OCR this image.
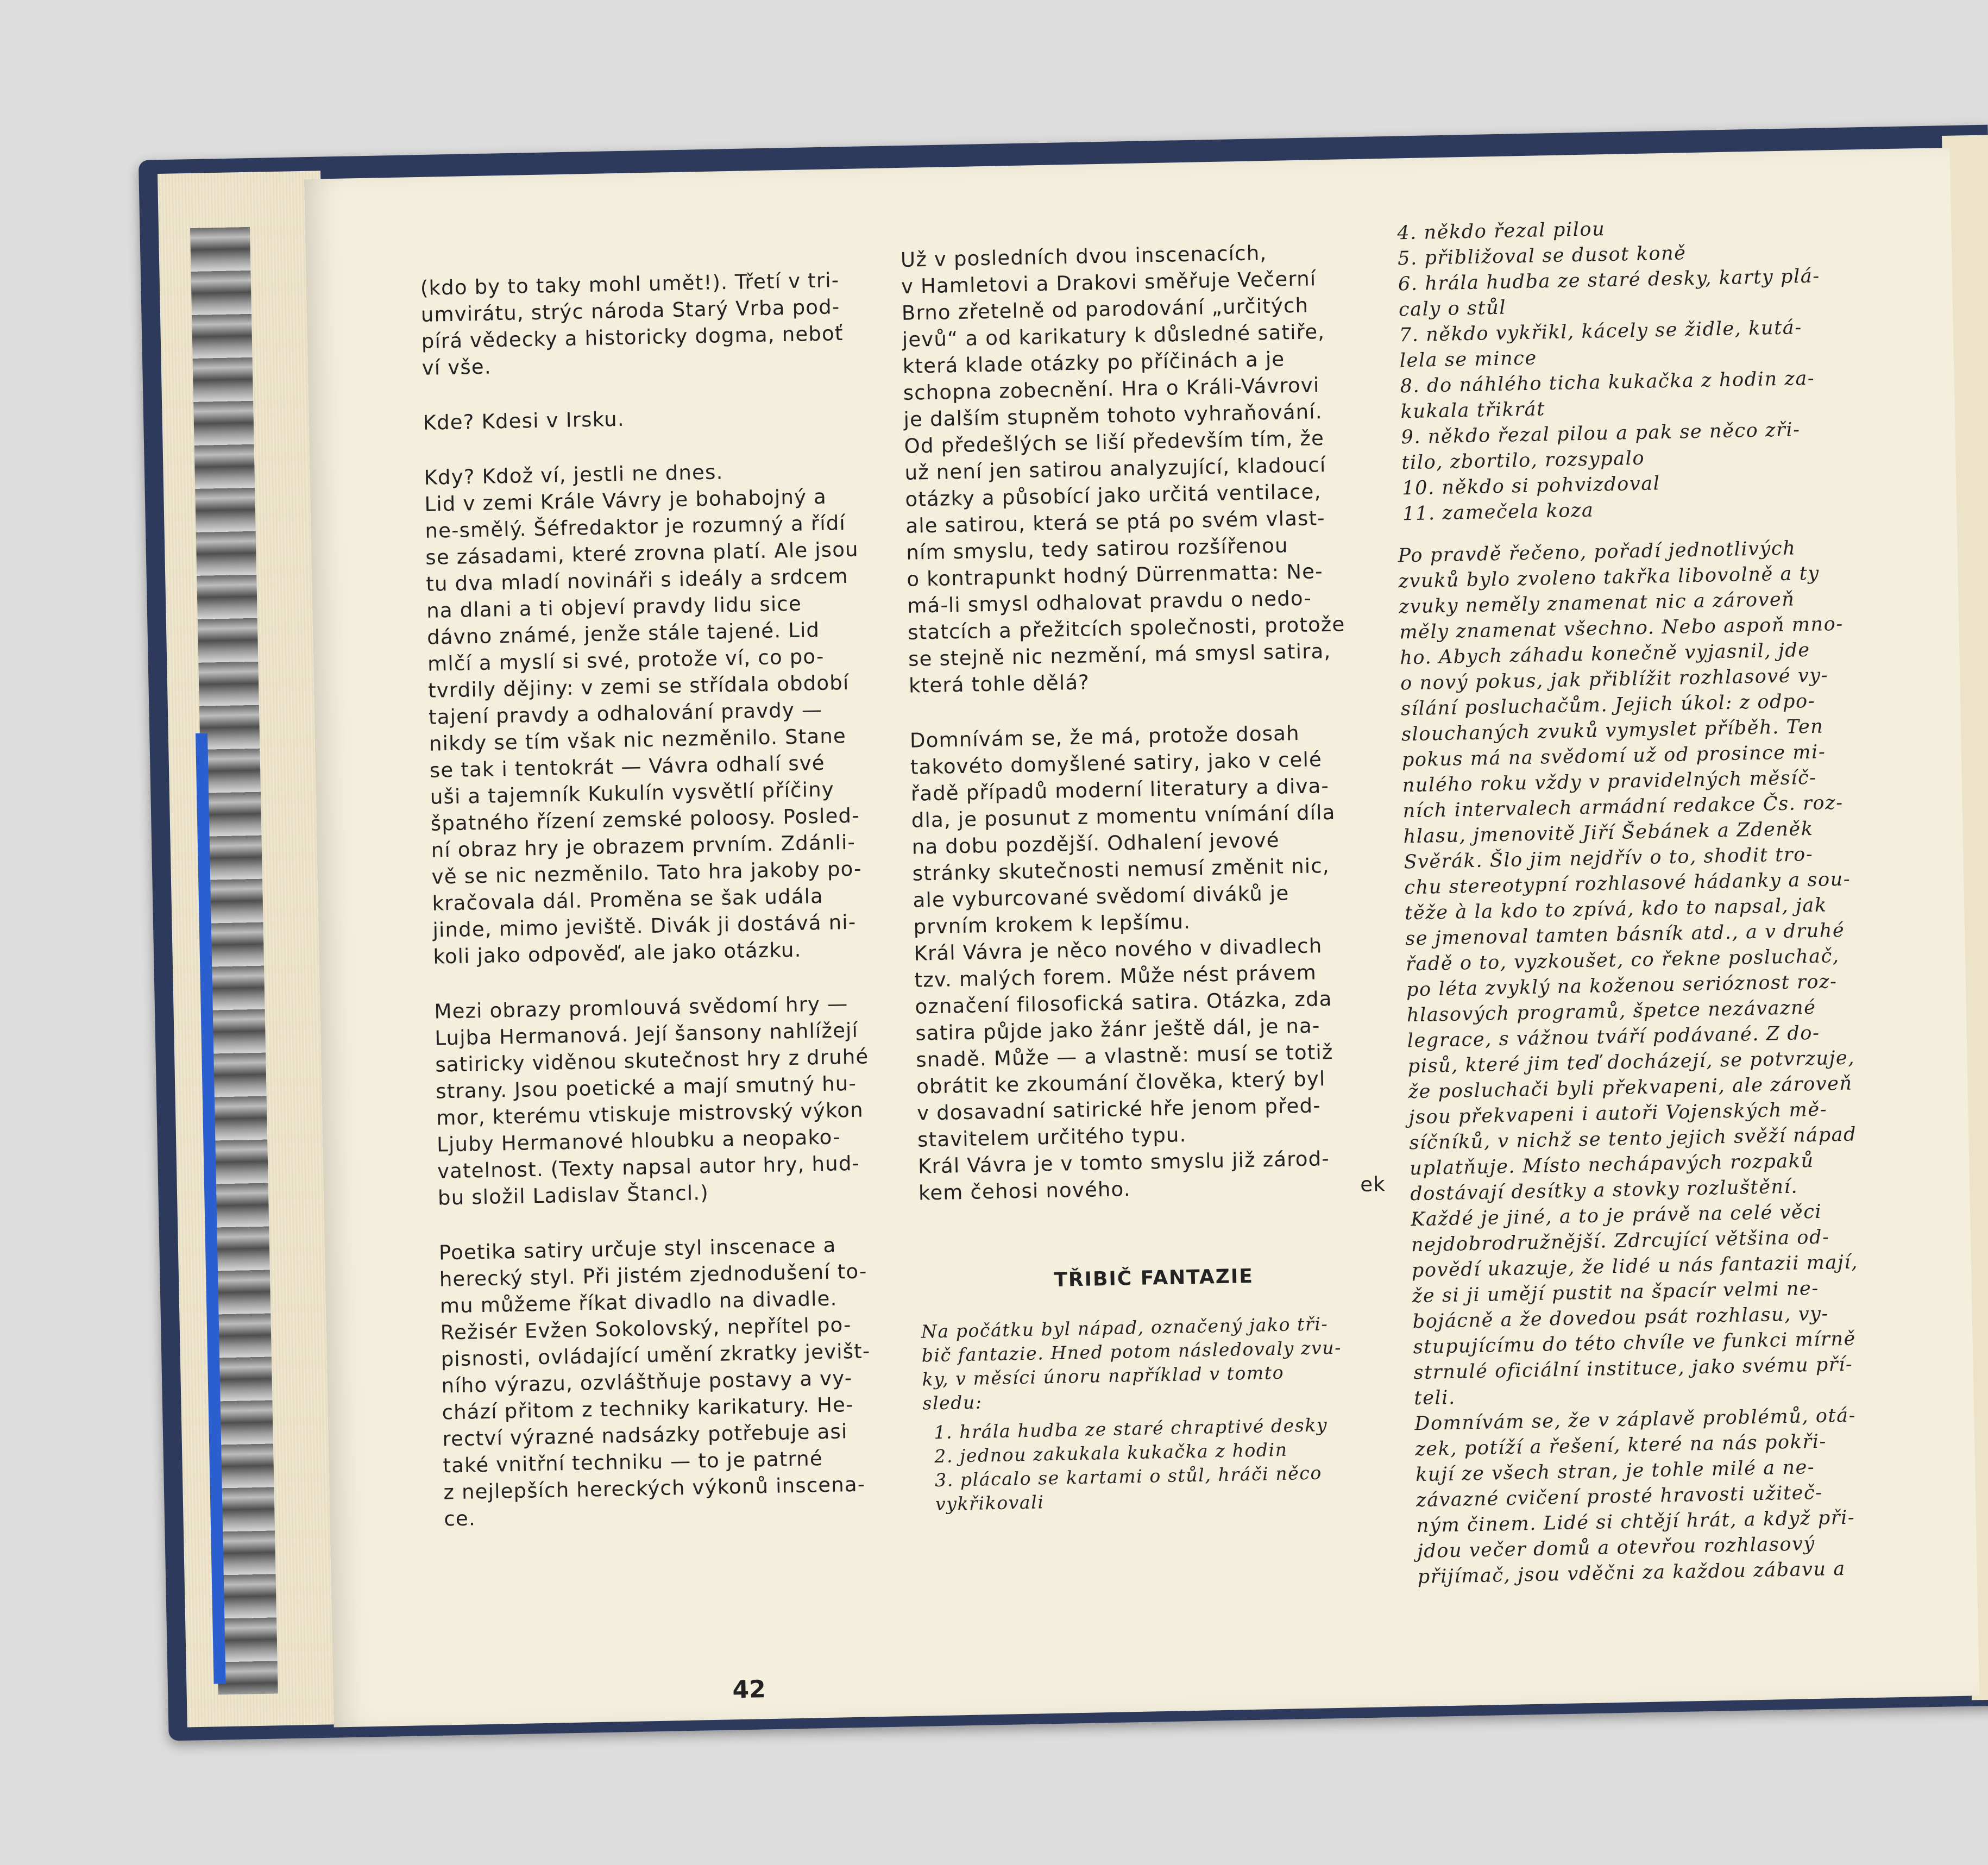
(kdo by to taky mohl umět!). Třetí v tri-
umvirátu, strýc národa Starý Vrba pod-
pírá vědecky a historicky dogma, neboť
ví vše.
Kde? Kdesi v Irsku.
Kdy? Kdož ví, jestli ne dnes.
Lid v zemi Krále Vávry je bohabojný a
ne-smělý. Šéfredaktor je rozumný a řídí
se zásadami, které zrovna platí. Ale jsou
tu dva mladí novináři s ideály a srdcem
na dlani a ti objeví pravdy lidu sice
dávno známé, jenže stále tajené. Lid
mlčí a myslí si své, protože ví, co po-
tvrdily dějiny: v zemi se střídala období
tajení pravdy a odhalování pravdy —
nikdy se tím však nic nezměnilo. Stane
se tak i tentokrát — Vávra odhalí své
uši a tajemník Kukulín vysvětlí příčiny
špatného řízení zemské poloosy. Posled-
ní obraz hry je obrazem prvním. Zdánli-
vě se nic nezměnilo. Tato hra jakoby po-
kračovala dál. Proměna se šak udála
jinde, mimo jeviště. Divák ji dostává ni-
koli jako odpověď, ale jako otázku.
Mezi obrazy promlouvá svědomí hry —
Lujba Hermanová. Její šansony nahlížejí
satiricky viděnou skutečnost hry z druhé
strany. Jsou poetické a mají smutný hu-
mor, kterému vtiskuje mistrovský výkon
Ljuby Hermanové hloubku a neopako-
vatelnost. (Texty napsal autor hry, hud-
bu složil Ladislav Štancl.)
Poetika satiry určuje styl inscenace a
herecký styl. Při jistém zjednodušení to-
mu můžeme říkat divadlo na divadle.
Režisér Evžen Sokolovský, nepřítel po-
pisnosti, ovládající umění zkratky jevišt-
ního výrazu, ozvláštňuje postavy a vy-
chází přitom z techniky karikatury. He-
rectví výrazné nadsázky potřebuje asi
také vnitřní techniku — to je patrné
z nejlepších hereckých výkonů inscena-
ce.
Už v posledních dvou inscenacích,
v Hamletovi a Drakovi směřuje Večerní
Brno zřetelně od parodování „určitých
jevů“ a od karikatury k důsledné satiře,
která klade otázky po příčinách a je
schopna zobecnění. Hra o Králi-Vávrovi
je dalším stupněm tohoto vyhraňování.
Od předešlých se liší především tím, že
už není jen satirou analyzující, kladoucí
otázky a působící jako určitá ventilace,
ale satirou, která se ptá po svém vlast-
ním smyslu, tedy satirou rozšířenou
o kontrapunkt hodný Dürrenmatta: Ne-
má-li smysl odhalovat pravdu o nedo-
statcích a přežitcích společnosti, protože
se stejně nic nezmění, má smysl satira,
která tohle dělá?
Domnívám se, že má, protože dosah
takovéto domyšlené satiry, jako v celé
řadě případů moderní literatury a diva-
dla, je posunut z momentu vnímání díla
na dobu pozdější. Odhalení jevové
stránky skutečnosti nemusí změnit nic,
ale vyburcované svědomí diváků je
prvním krokem k lepšímu.
Král Vávra je něco nového v divadlech
tzv. malých forem. Může nést právem
označení filosofická satira. Otázka, zda
satira půjde jako žánr ještě dál, je na-
snadě. Může — a vlastně: musí se totiž
obrátit ke zkoumání člověka, který byl
v dosavadní satirické hře jenom před-
stavitelem určitého typu.
Král Vávra je v tomto smyslu již zárod-
kem čehosi nového.	ek
TŘIBIČ FANTAZIE
Na počátku byl nápad, označený jako tři-
bič fantazie. Hned potom následovaly zvu-
ky, v měsíci únoru například v tomto
sledu:
1. hrála hudba ze staré chraptivé desky
2. jednou zakukala kukačka z hodin
3. plácalo se kartami o stůl, hráči něco
vykřikovali
4. někdo řezal pilou
5. přibližoval se dusot koně
6. hrála hudba ze staré desky, karty plá-
caly o stůl
7. někdo vykřikl, kácely se židle, kutá-
lela se mince
8. do náhlého ticha kukačka z hodin za-
kukala třikrát
9. někdo řezal pilou a pak se něco zři-
tilo, zbortilo, rozsypalo
10. někdo si pohvizdoval
11. zamečela koza
Po pravdě řečeno, pořadí jednotlivých
zvuků bylo zvoleno takřka libovolně a ty
zvuky neměly znamenat nic a zároveň
měly znamenat všechno. Nebo aspoň mno-
ho. Abych záhadu konečně vyjasnil, jde
o nový pokus, jak přiblížit rozhlasové vy-
sílání posluchačům. Jejich úkol: z odpo-
slouchaných zvuků vymyslet příběh. Ten
pokus má na svědomí už od prosince mi-
nulého roku vždy v pravidelných měsíč-
ních intervalech armádní redakce Čs. roz-
hlasu, jmenovitě Jiří Šebánek a Zdeněk
Svěrák. Šlo jim nejdřív o to, shodit tro-
chu stereotypní rozhlasové hádanky a sou-
těže à la kdo to zpívá, kdo to napsal, jak
se jmenoval tamten básník atd., a v druhé
řadě o to, vyzkoušet, co řekne posluchač,
po léta zvyklý na koženou serióznost roz-
hlasových programů, špetce nezávazné
legrace, s vážnou tváří podávané. Z do-
pisů, které jim teď docházejí, se potvrzuje,
že posluchači byli překvapeni, ale zároveň
jsou překvapeni i autoři Vojenských mě-
síčníků, v nichž se tento jejich svěží nápad
uplatňuje. Místo nechápavých rozpaků
dostávají desítky a stovky rozluštění.
Každé je jiné, a to je právě na celé věci
nejdobrodružnější. Zdrcující většina od-
povědí ukazuje, že lidé u nás fantazii mají,
že si ji umějí pustit na špacír velmi ne-
bojácně a že dovedou psát rozhlasu, vy-
stupujícímu do této chvíle ve funkci mírně
strnulé oficiální instituce, jako svému pří-
teli.
Domnívám se, že v záplavě problémů, otá-
zek, potíží a řešení, které na nás pokři-
kují ze všech stran, je tohle milé a ne-
závazné cvičení prosté hravosti užiteč-
ným činem. Lidé si chtějí hrát, a když při-
jdou večer domů a otevřou rozhlasový
přijímač, jsou vděčni za každou zábavu a
42
